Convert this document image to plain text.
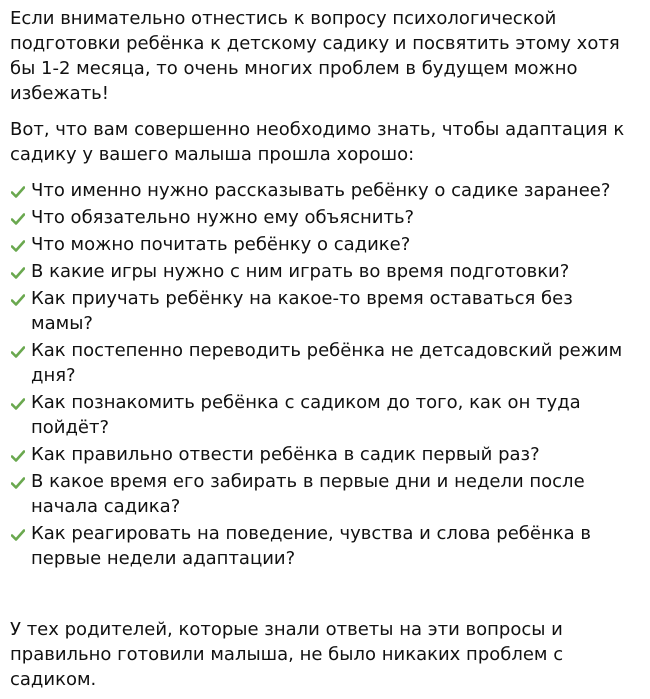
Если внимательно отнестись к вопросу психологической подготовки ребёнка к детскому садику и посвятить этому хотя бы 1-2 месяца, то очень многих проблем в будущем можно избежать!

Вот, что вам совершенно необходимо знать, чтобы адаптация к садику у вашего малыша прошла хорошо:

Что именно нужно рассказывать ребёнку о садике заранее?
Что обязательно нужно ему объяснить?
Что можно почитать ребёнку о садике?
В какие игры нужно с ним играть во время подготовки?
Как приучать ребёнку на какое-то время оставаться без мамы?
Как постепенно переводить ребёнка не детсадовский режим дня?
Как познакомить ребёнка с садиком до того, как он туда пойдёт?
Как правильно отвести ребёнка в садик первый раз?
В какое время его забирать в первые дни и недели после начала садика?
Как реагировать на поведение, чувства и слова ребёнка в первые недели адаптации?

У тех родителей, которые знали ответы на эти вопросы и правильно готовили малыша, не было никаких проблем с садиком.
